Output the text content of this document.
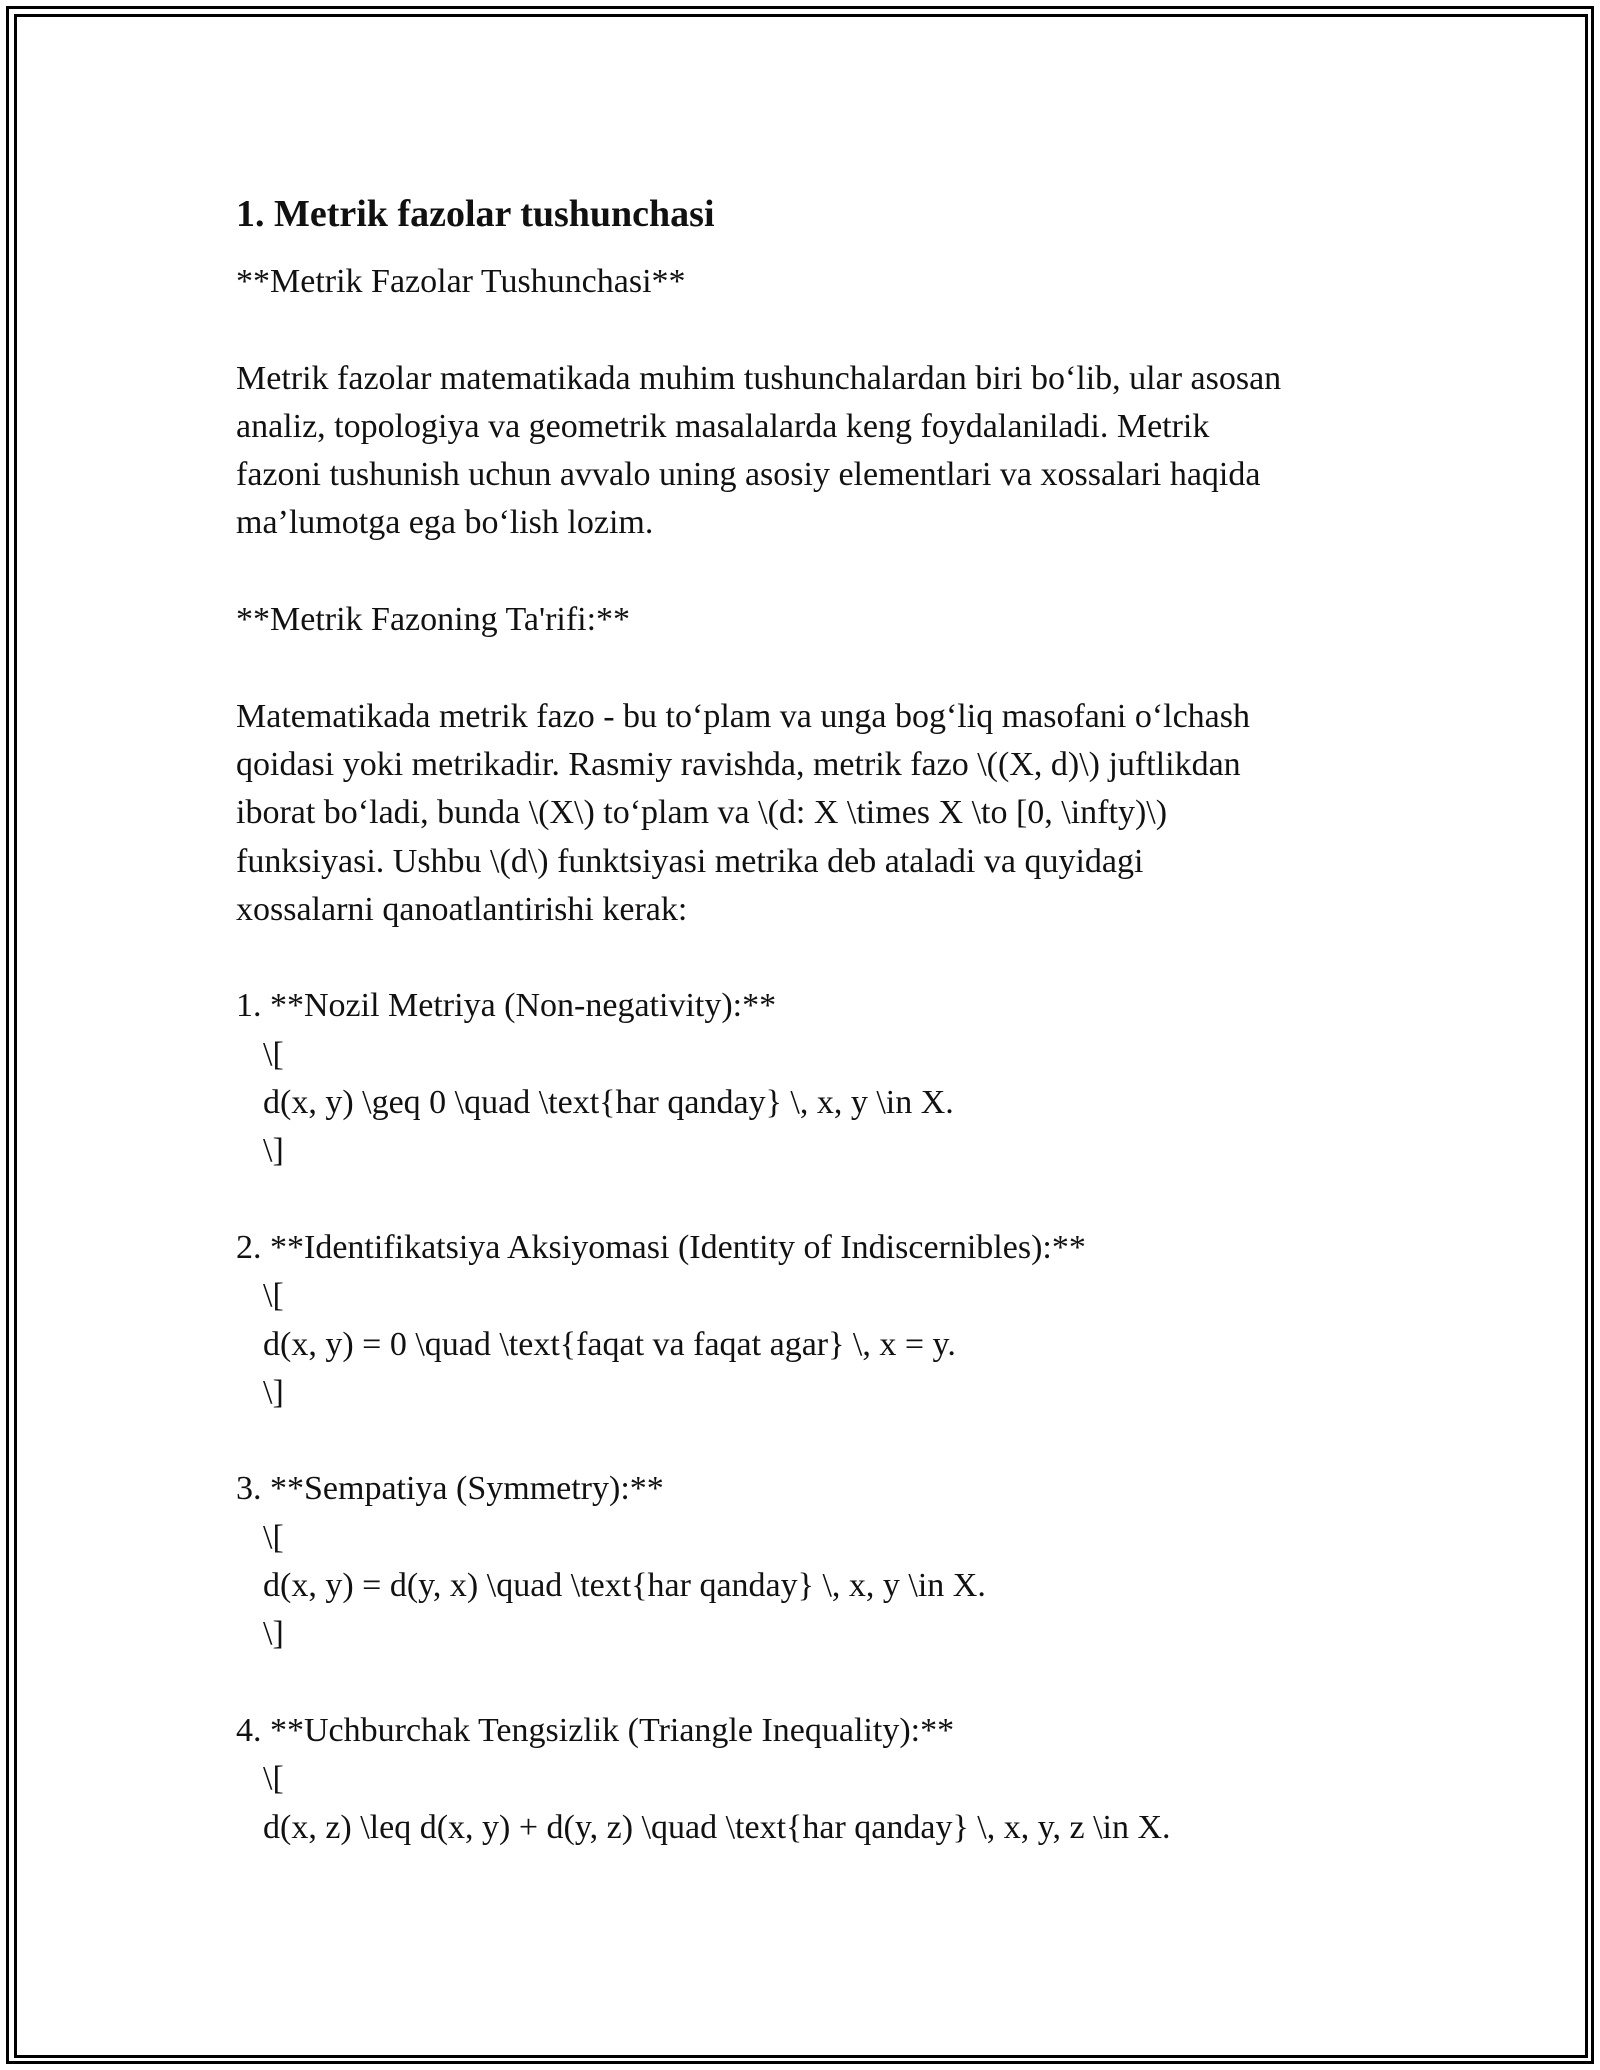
1. Metrik fazolar tushunchasi

**Metrik Fazolar Tushunchasi**

Metrik fazolar matematikada muhim tushunchalardan biri bo‘lib, ular asosan

analiz, topologiya va geometrik masalalarda keng foydalaniladi. Metrik

fazoni tushunish uchun avvalo uning asosiy elementlari va xossalari haqida

ma’lumotga ega bo‘lish lozim.

**Metrik Fazoning Ta'rifi:**

Matematikada metrik fazo - bu to‘plam va unga bog‘liq masofani o‘lchash

qoidasi yoki metrikadir. Rasmiy ravishda, metrik fazo \((X, d)\) juftlikdan

iborat bo‘ladi, bunda \(X\) to‘plam va \(d: X \times X \to [0, \infty)\)

funksiyasi. Ushbu \(d\) funktsiyasi metrika deb ataladi va quyidagi

xossalarni qanoatlantirishi kerak:

1. **Nozil Metriya (Non-negativity):**

\[

d(x, y) \geq 0 \quad \text{har qanday} \, x, y \in X.

\]

2. **Identifikatsiya Aksiyomasi (Identity of Indiscernibles):**

\[

d(x, y) = 0 \quad \text{faqat va faqat agar} \, x = y.

\]

3. **Sempatiya (Symmetry):**

\[

d(x, y) = d(y, x) \quad \text{har qanday} \, x, y \in X.

\]

4. **Uchburchak Tengsizlik (Triangle Inequality):**

\[

d(x, z) \leq d(x, y) + d(y, z) \quad \text{har qanday} \, x, y, z \in X.
